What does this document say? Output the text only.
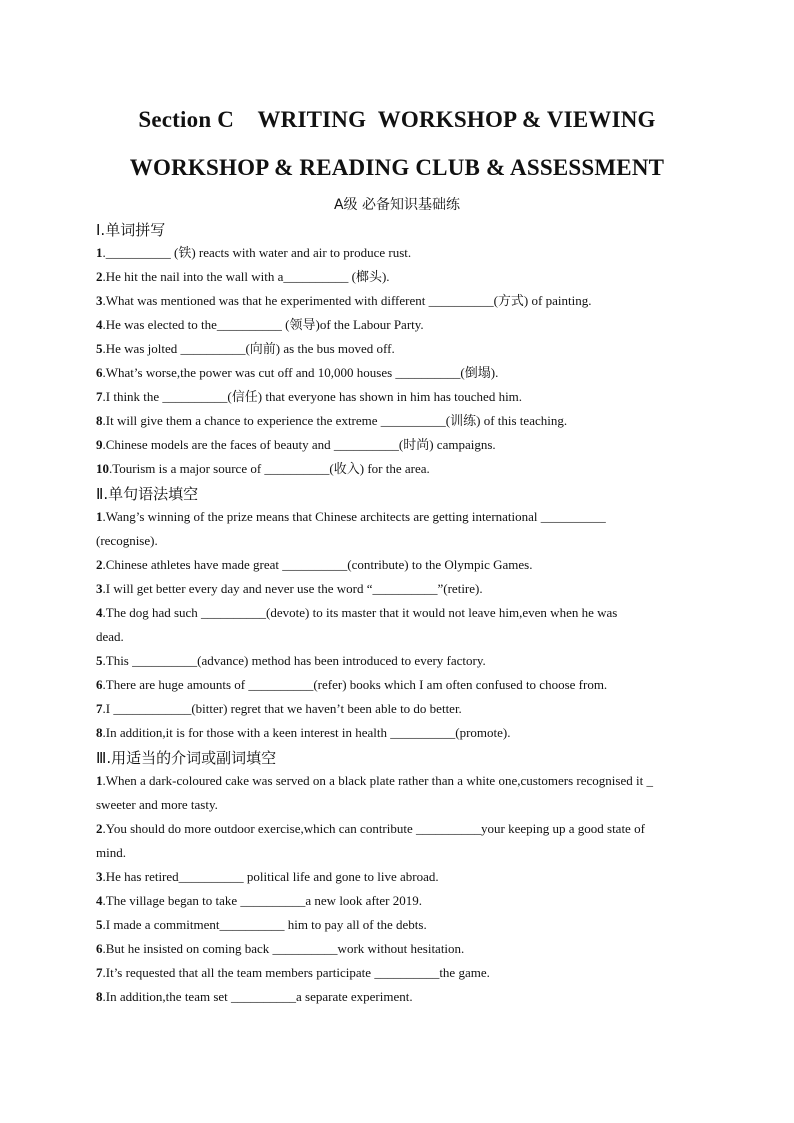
Section C    WRITING  WORKSHOP & VIEWING
WORKSHOP & READING CLUB & ASSESSMENT
A级 必备知识基础练
Ⅰ.单词拼写
1.__________ (铁) reacts with water and air to produce rust.
2.He hit the nail into the wall with a__________ (榔头).
3.What was mentioned was that he experimented with different __________(方式) of painting.
4.He was elected to the__________ (领导)of the Labour Party.
5.He was jolted __________(向前) as the bus moved off.
6.What’s worse,the power was cut off and 10,000 houses __________(倒塌).
7.I think the __________(信任) that everyone has shown in him has touched him.
8.It will give them a chance to experience the extreme __________(训练) of this teaching.
9.Chinese models are the faces of beauty and __________(时尚) campaigns.
10.Tourism is a major source of __________(收入) for the area.
Ⅱ.单句语法填空
1.Wang’s winning of the prize means that Chinese architects are getting international __________
(recognise).
2.Chinese athletes have made great __________(contribute) to the Olympic Games.
3.I will get better every day and never use the word “__________”(retire).
4.The dog had such __________(devote) to its master that it would not leave him,even when he was
dead.
5.This __________(advance) method has been introduced to every factory.
6.There are huge amounts of __________(refer) books which I am often confused to choose from.
7.I ____________(bitter) regret that we haven’t been able to do better.
8.In addition,it is for those with a keen interest in health __________(promote).
Ⅲ.用适当的介词或副词填空
1.When a dark-coloured cake was served on a black plate rather than a white one,customers recognised it _
sweeter and more tasty.
2.You should do more outdoor exercise,which can contribute __________your keeping up a good state of
mind.
3.He has retired__________ political life and gone to live abroad.
4.The village began to take __________a new look after 2019.
5.I made a commitment__________ him to pay all of the debts.
6.But he insisted on coming back __________work without hesitation.
7.It’s requested that all the team members participate __________the game.
8.In addition,the team set __________a separate experiment.
